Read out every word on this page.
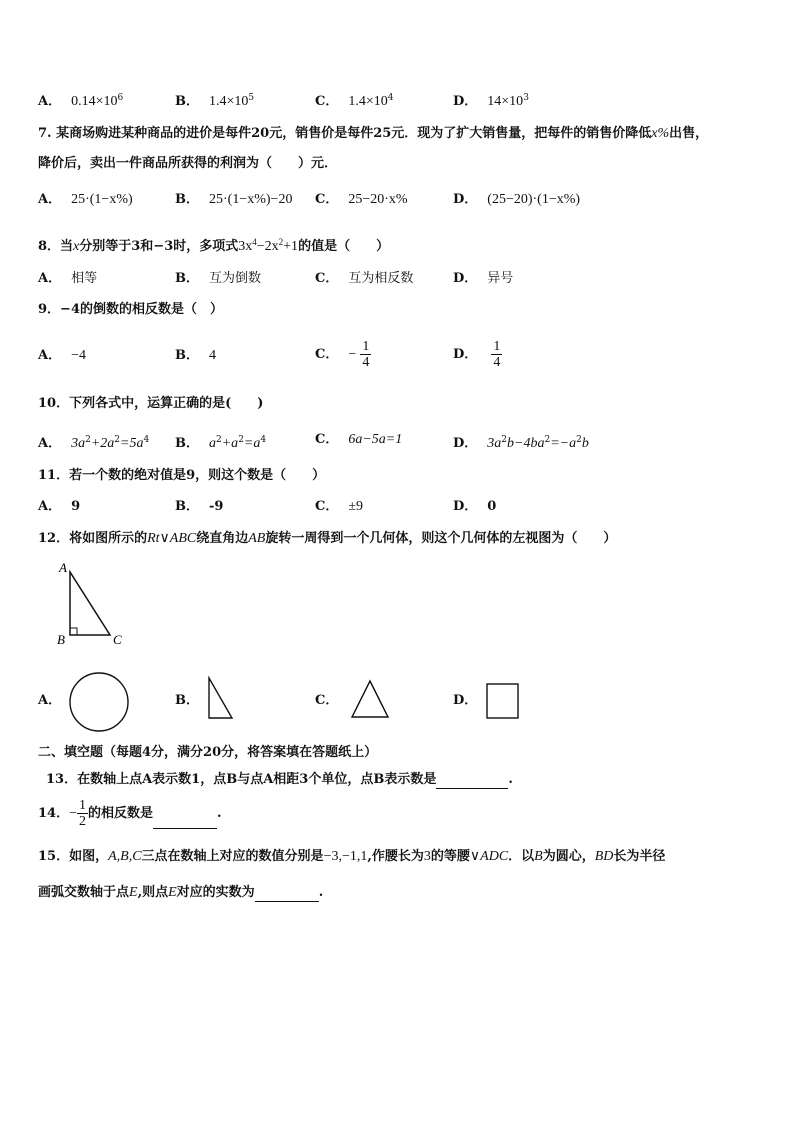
A． $0.14\times 10^6$	B． $1.4\times 10^5$	C． $1.4\times 10^4$	D． $14\times 10^3$
7. 某商场购进某种商品的进价是每件20元，销售价是每件25元．现为了扩大销售量，把每件的销售价降低x%出售，
降价后，卖出一件商品所获得的利润为（　　）元．
A． 25·(1−x%)	B． 25·(1−x%)−20 C． 25−20·x%	D． (25−20)·(1−x%)
8．当x分别等于3和−3时，多项式$3x^4-2x^2+1$的值是（　　）
A． 相等	B． 互为倒数	C． 互为相反数	D． 异号
9．−4的倒数的相反数是（　）
A． −4	B． 4	C． − $\frac{1}{4}$	D． $\frac{1}{4}$
10．下列各式中，运算正确的是(　　)
A． $3a^2+2a^2=5a^4$ B． $a^2+a^2=a^4$	C． 6a−5a=1	D． $3a^2b-4ba^2=-a^2b$
11．若一个数的绝对值是9，则这个数是（　　）
A． 9	B． -9	C． ±9	D． 0
12．将如图所示的Rt∨ABC绕直角边AB旋转一周得到一个几何体，则这个几何体的左视图为（　　）
A
B	C
A．	B．	C．	D．
二、填空题（每题4分，满分20分，将答案填在答题纸上）
13．在数轴上点A表示数1，点B与点A相距3个单位，点B表示数是	.
14．− $\frac{1}{2}$ 的相反数是	.
15．如图，A,B,C三点在数轴上对应的数值分别是−3,−1,1,作腰长为3的等腰∨ADC．以B为圆心，BD长为半径
画弧交数轴于点E,则点E对应的实数为	.
